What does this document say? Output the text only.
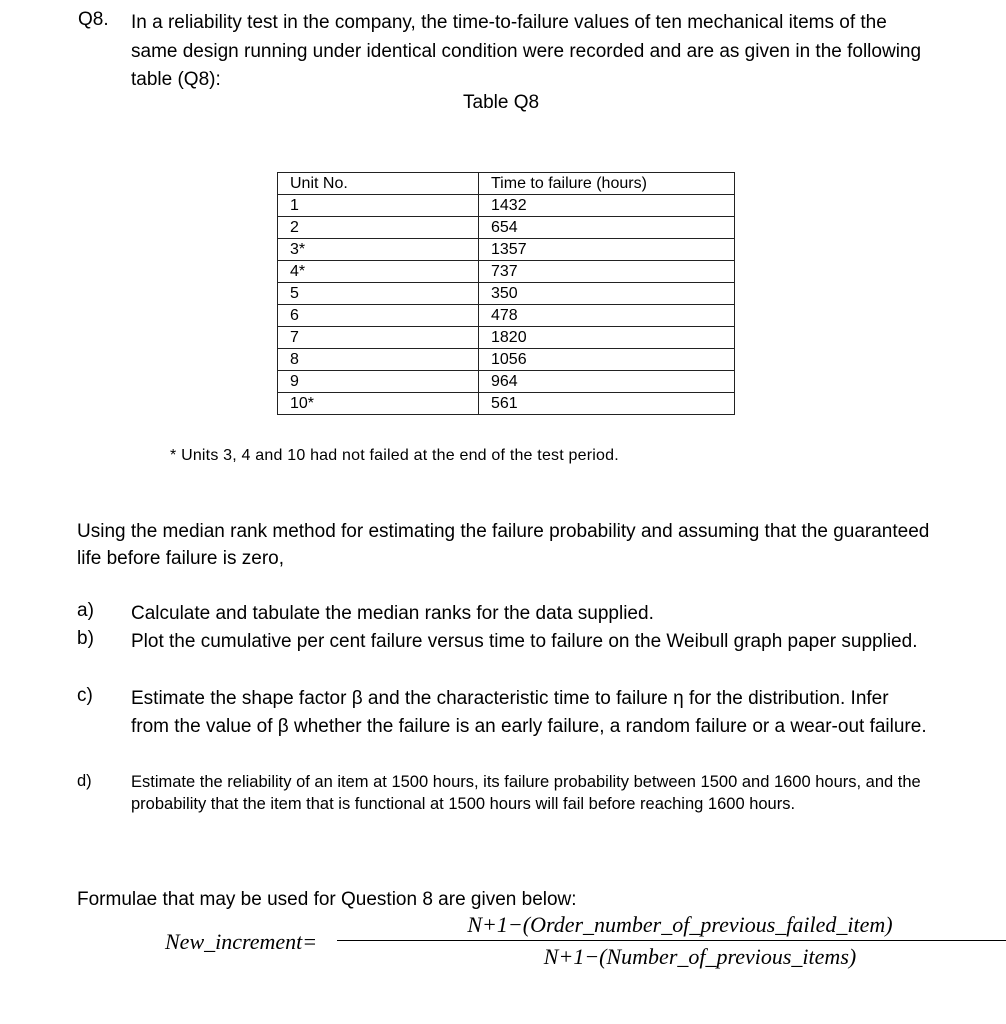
Q8. In a reliability test in the company, the time-to-failure values of ten mechanical items of the same design running under identical condition were recorded and are as given in the following table (Q8):
Table Q8
Unit No.	Time to failure (hours)
1	1432
2	654
3*	1357
4*	737
5	350
6	478
7	1820
8	1056
9	964
10*	561
* Units 3, 4 and 10 had not failed at the end of the test period.
Using the median rank method for estimating the failure probability and assuming that the guaranteed life before failure is zero,
a) Calculate and tabulate the median ranks for the data supplied.
b) Plot the cumulative per cent failure versus time to failure on the Weibull graph paper supplied.
c) Estimate the shape factor β and the characteristic time to failure η for the distribution. Infer from the value of β whether the failure is an early failure, a random failure or a wear-out failure.
d) Estimate the reliability of an item at 1500 hours, its failure probability between 1500 and 1600 hours, and the probability that the item that is functional at 1500 hours will fail before reaching 1600 hours.
Formulae that may be used for Question 8 are given below:
New_increment=
N+1−(Order_number_of_previous_failed_item)
N+1−(Number_of_previous_items)
